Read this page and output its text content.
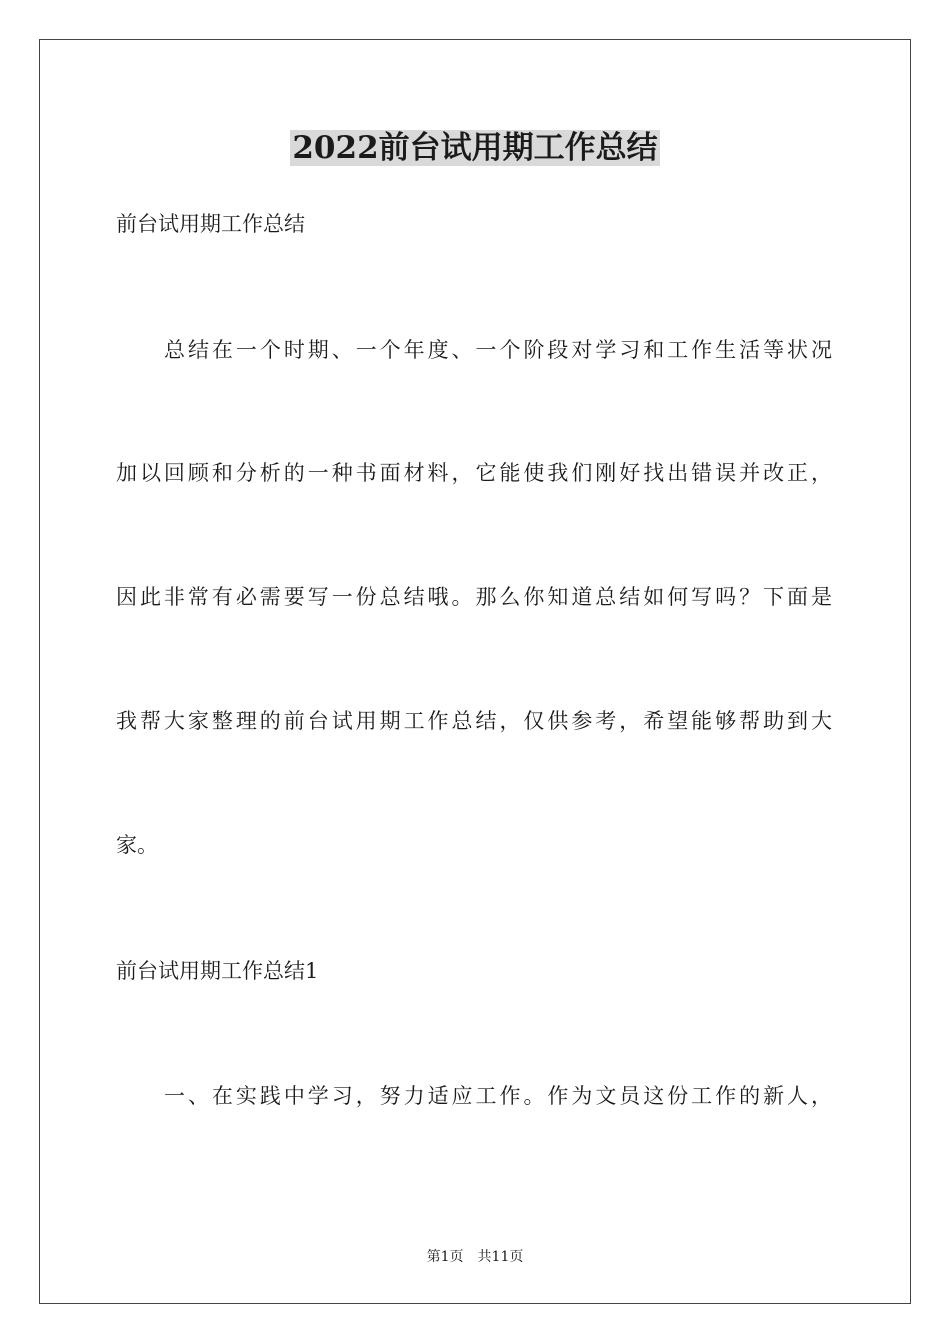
2022前台试用期工作总结

前台试用期工作总结

总结在一个时期、一个年度、一个阶段对学习和工作生活等状况

加以回顾和分析的一种书面材料，它能使我们刚好找出错误并改正，

因此非常有必需要写一份总结哦。那么你知道总结如何写吗？下面是

我帮大家整理的前台试用期工作总结，仅供参考，希望能够帮助到大

家。

前台试用期工作总结1

一、在实践中学习，努力适应工作。作为文员这份工作的新人，

第1页 共11页
